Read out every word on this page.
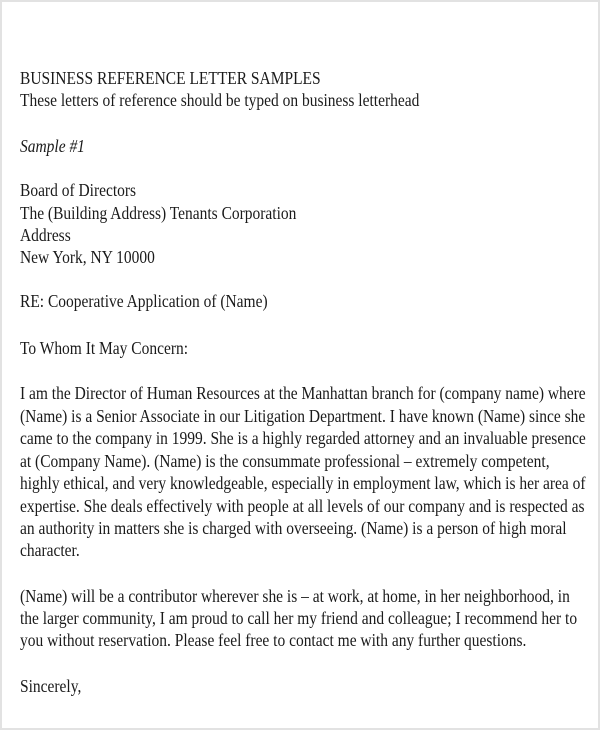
BUSINESS REFERENCE LETTER SAMPLES
These letters of reference should be typed on business letterhead
Sample #1
Board of Directors
The (Building Address) Tenants Corporation
Address
New York, NY 10000
RE: Cooperative Application of (Name)
To Whom It May Concern:
I am the Director of Human Resources at the Manhattan branch for (company name) where
(Name) is a Senior Associate in our Litigation Department. I have known (Name) since she
came to the company in 1999. She is a highly regarded attorney and an invaluable presence
at (Company Name). (Name) is the consummate professional – extremely competent,
highly ethical, and very knowledgeable, especially in employment law, which is her area of
expertise. She deals effectively with people at all levels of our company and is respected as
an authority in matters she is charged with overseeing. (Name) is a person of high moral
character.
(Name) will be a contributor wherever she is – at work, at home, in her neighborhood, in
the larger community, I am proud to call her my friend and colleague; I recommend her to
you without reservation. Please feel free to contact me with any further questions.
Sincerely,
